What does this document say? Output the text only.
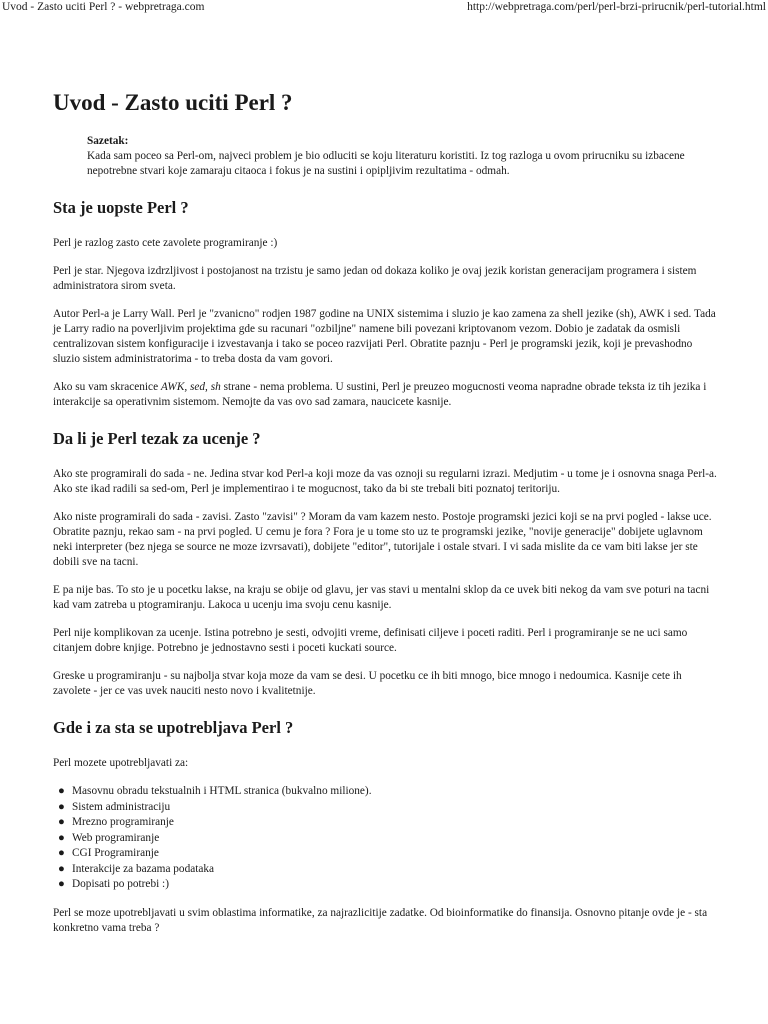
Uvod - Zasto uciti Perl ? - webpretraga.com	http://webpretraga.com/perl/perl-brzi-prirucnik/perl-tutorial.html
Uvod - Zasto uciti Perl ?
Sazetak:
Kada sam poceo sa Perl-om, najveci problem je bio odluciti se koju literaturu koristiti. Iz tog razloga u ovom prirucniku su izbacene nepotrebne stvari koje zamaraju citaoca i fokus je na sustini i opipljivim rezultatima - odmah.
Sta je uopste Perl ?

Perl je razlog zasto cete zavolete programiranje :)

Perl je star. Njegova izdrzljivost i postojanost na trzistu je samo jedan od dokaza koliko je ovaj jezik koristan generacijam programera i sistem administratora sirom sveta.

Autor Perl-a je Larry Wall. Perl je "zvanicno" rodjen 1987 godine na UNIX sistemima i sluzio je kao zamena za shell jezike (sh), AWK i sed. Tada je Larry radio na poverljivim projektima gde su racunari "ozbiljne" namene bili povezani kriptovanom vezom. Dobio je zadatak da osmisli centralizovan sistem konfiguracije i izvestavanja i tako se poceo razvijati Perl. Obratite paznju - Perl je programski jezik, koji je prevashodno sluzio sistem administratorima - to treba dosta da vam govori.

Ako su vam skracenice AWK, sed, sh strane - nema problema. U sustini, Perl je preuzeo mogucnosti veoma napradne obrade teksta iz tih jezika i interakcije sa operativnim sistemom. Nemojte da vas ovo sad zamara, naucicete kasnije.

Da li je Perl tezak za ucenje ?

Ako ste programirali do sada - ne. Jedina stvar kod Perl-a koji moze da vas oznoji su regularni izrazi. Medjutim - u tome je i osnovna snaga Perl-a. Ako ste ikad radili sa sed-om, Perl je implementirao i te mogucnost, tako da bi ste trebali biti poznatoj teritoriju.

Ako niste programirali do sada - zavisi. Zasto "zavisi" ? Moram da vam kazem nesto. Postoje programski jezici koji se na prvi pogled - lakse uce. Obratite paznju, rekao sam - na prvi pogled. U cemu je fora ? Fora je u tome sto uz te programski jezike, "novije generacije" dobijete uglavnom neki interpreter (bez njega se source ne moze izvrsavati), dobijete "editor", tutorijale i ostale stvari. I vi sada mislite da ce vam biti lakse jer ste dobili sve na tacni.

E pa nije bas. To sto je u pocetku lakse, na kraju se obije od glavu, jer vas stavi u mentalni sklop da ce uvek biti nekog da vam sve poturi na tacni kad vam zatreba u ptogramiranju. Lakoca u ucenju ima svoju cenu kasnije.

Perl nije komplikovan za ucenje. Istina potrebno je sesti, odvojiti vreme, definisati ciljeve i poceti raditi. Perl i programiranje se ne uci samo citanjem dobre knjige. Potrebno je jednostavno sesti i poceti kuckati source.

Greske u programiranju - su najbolja stvar koja moze da vam se desi. U pocetku ce ih biti mnogo, bice mnogo i nedoumica. Kasnije cete ih zavolete - jer ce vas uvek nauciti nesto novo i kvalitetnije.

Gde i za sta se upotrebljava Perl ?

Perl mozete upotrebljavati za:

● Masovnu obradu tekstualnih i HTML stranica (bukvalno milione).
● Sistem administraciju
● Mrezno programiranje
● Web programiranje
● CGI Programiranje
● Interakcije za bazama podataka
● Dopisati po potrebi :)

Perl se moze upotrebljavati u svim oblastima informatike, za najrazlicitije zadatke. Od bioinformatike do finansija. Osnovno pitanje ovde je - sta konkretno vama treba ?
